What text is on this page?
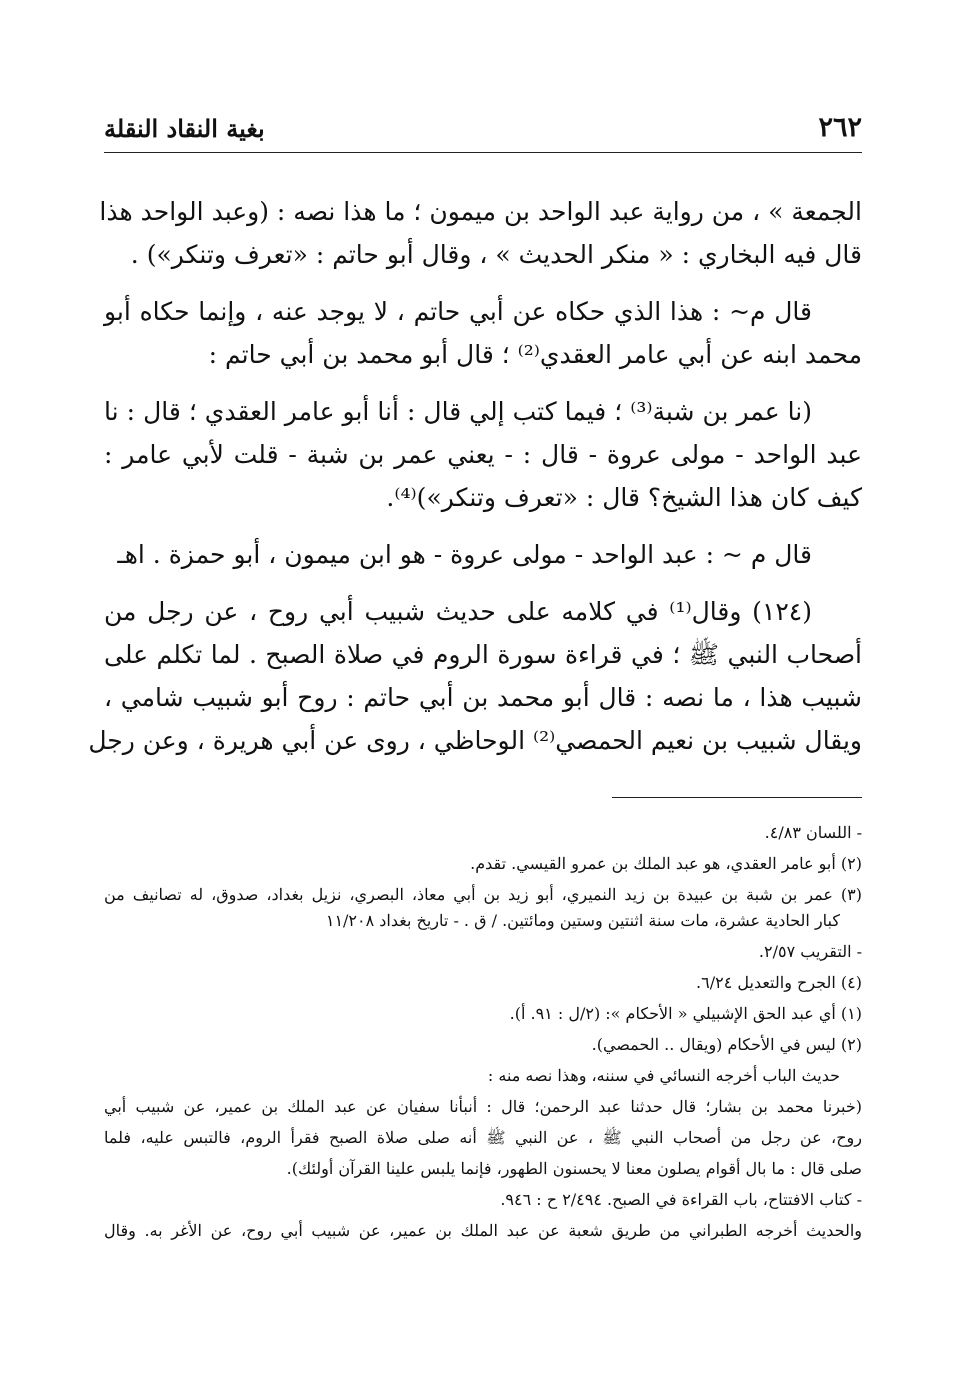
٢٦٢
بغية النقاد النقلة
الجمعة » ، من رواية عبد الواحد بن ميمون ؛ ما هذا نصه : (وعبد الواحد هذا
قال فيه البخاري : « منكر الحديث » ، وقال أبو حاتم : «تعرف وتنكر») .
قال م~ : هذا الذي حكاه عن أبي حاتم ، لا يوجد عنه ، وإنما حكاه أبو
محمد ابنه عن أبي عامر العقدي⁽²⁾ ؛ قال أبو محمد بن أبي حاتم :
(نا عمر بن شبة⁽³⁾ ؛ فيما كتب إلي قال : أنا أبو عامر العقدي ؛ قال : نا
عبد الواحد - مولى عروة - قال : - يعني عمر بن شبة - قلت لأبي عامر :
كيف كان هذا الشيخ؟ قال : «تعرف وتنكر»)⁽⁴⁾.
قال م ~ : عبد الواحد - مولى عروة - هو ابن ميمون ، أبو حمزة . اهـ
(١٢٤) وقال⁽¹⁾ في كلامه على حديث شبيب أبي روح ، عن رجل من
أصحاب النبي ﷺ ؛ في قراءة سورة الروم في صلاة الصبح . لما تكلم على
شبيب هذا ، ما نصه : قال أبو محمد بن أبي حاتم : روح أبو شبيب شامي ،
ويقال شبيب بن نعيم الحمصي⁽²⁾ الوحاظي ، روى عن أبي هريرة ، وعن رجل
- اللسان ٤/٨٣.
(٢) أبو عامر العقدي، هو عبد الملك بن عمرو القيسي. تقدم.
(٣) عمر بن شبة بن عبيدة بن زيد النميري، أبو زيد بن أبي معاذ، البصري، نزيل بغداد، صدوق، له تصانيف من
كبار الحادية عشرة، مات سنة اثنتين وستين ومائتين. / ق . - تاريخ بغداد ١١/٢٠٨
- التقريب ٢/٥٧.
(٤) الجرح والتعديل ٦/٢٤.
(١) أي عبد الحق الإشبيلي « الأحكام »: (٢/ل : ٩١. أ).
(٢) ليس في الأحكام (ويقال .. الحمصي).
حديث الباب أخرجه النسائي في سننه، وهذا نصه منه :
(خبرنا محمد بن بشار؛ قال حدثنا عبد الرحمن؛ قال : أنبأنا سفيان عن عبد الملك بن عمير، عن شبيب أبي
روح، عن رجل من أصحاب النبي ﷺ ، عن النبي ﷺ أنه صلى صلاة الصبح فقرأ الروم، فالتبس عليه، فلما
صلى قال : ما بال أقوام يصلون معنا لا يحسنون الطهور، فإنما يلبس علينا القرآن أولئك).
- كتاب الافتتاح، باب القراءة في الصبح. ٢/٤٩٤ ح : ٩٤٦.
والحديث أخرجه الطبراني من طريق شعبة عن عبد الملك بن عمير، عن شبيب أبي روح، عن الأغر به. وقال
